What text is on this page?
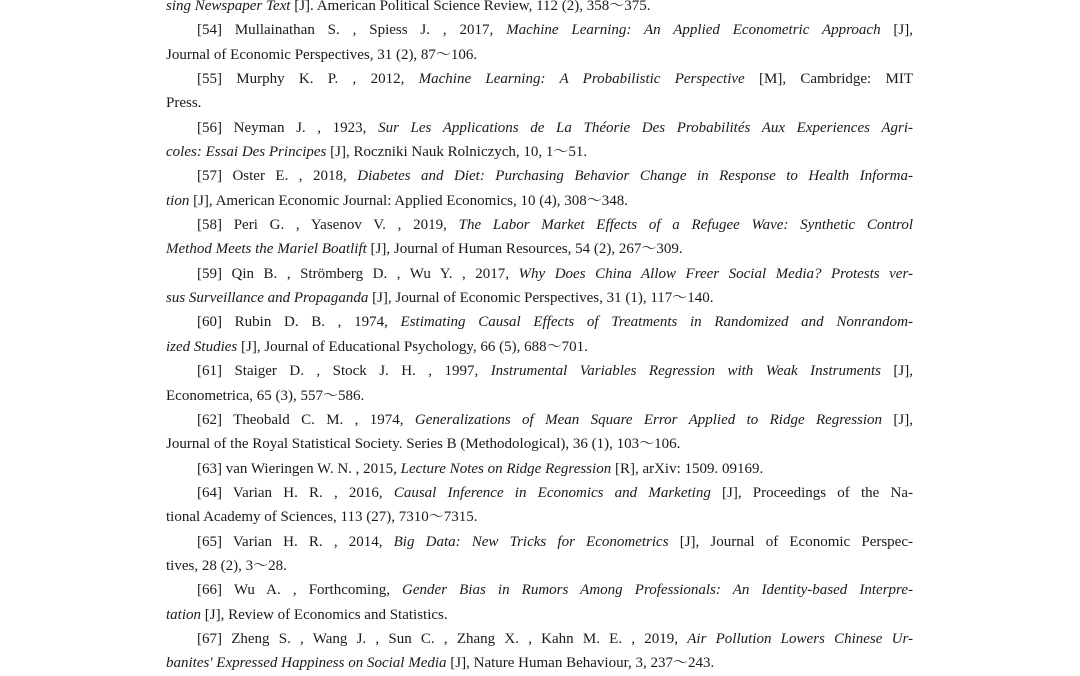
sing Newspaper Text [J]. American Political Science Review, 112 (2), 358～375.
[54] Mullainathan S. , Spiess J. , 2017, Machine Learning: An Applied Econometric Approach [J],
Journal of Economic Perspectives, 31 (2), 87～106.
[55] Murphy K. P. , 2012, Machine Learning: A Probabilistic Perspective [M], Cambridge: MIT
Press.
[56] Neyman J. , 1923, Sur Les Applications de La Théorie Des Probabilités Aux Experiences Agri-
coles: Essai Des Principes [J], Roczniki Nauk Rolniczych, 10, 1～51.
[57] Oster E. , 2018, Diabetes and Diet: Purchasing Behavior Change in Response to Health Informa-
tion [J], American Economic Journal: Applied Economics, 10 (4), 308～348.
[58] Peri G. , Yasenov V. , 2019, The Labor Market Effects of a Refugee Wave: Synthetic Control
Method Meets the Mariel Boatlift [J], Journal of Human Resources, 54 (2), 267～309.
[59] Qin B. , Strömberg D. , Wu Y. , 2017, Why Does China Allow Freer Social Media? Protests ver-
sus Surveillance and Propaganda [J], Journal of Economic Perspectives, 31 (1), 117～140.
[60] Rubin D. B. , 1974, Estimating Causal Effects of Treatments in Randomized and Nonrandom-
ized Studies [J], Journal of Educational Psychology, 66 (5), 688～701.
[61] Staiger D. , Stock J. H. , 1997, Instrumental Variables Regression with Weak Instruments [J],
Econometrica, 65 (3), 557～586.
[62] Theobald C. M. , 1974, Generalizations of Mean Square Error Applied to Ridge Regression [J],
Journal of the Royal Statistical Society. Series B (Methodological), 36 (1), 103～106.
[63] van Wieringen W. N. , 2015, Lecture Notes on Ridge Regression [R], arXiv: 1509. 09169.
[64] Varian H. R. , 2016, Causal Inference in Economics and Marketing [J], Proceedings of the Na-
tional Academy of Sciences, 113 (27), 7310～7315.
[65] Varian H. R. , 2014, Big Data: New Tricks for Econometrics [J], Journal of Economic Perspec-
tives, 28 (2), 3～28.
[66] Wu A. , Forthcoming, Gender Bias in Rumors Among Professionals: An Identity-based Interpre-
tation [J], Review of Economics and Statistics.
[67] Zheng S. , Wang J. , Sun C. , Zhang X. , Kahn M. E. , 2019, Air Pollution Lowers Chinese Ur-
banites' Expressed Happiness on Social Media [J], Nature Human Behaviour, 3, 237～243.
